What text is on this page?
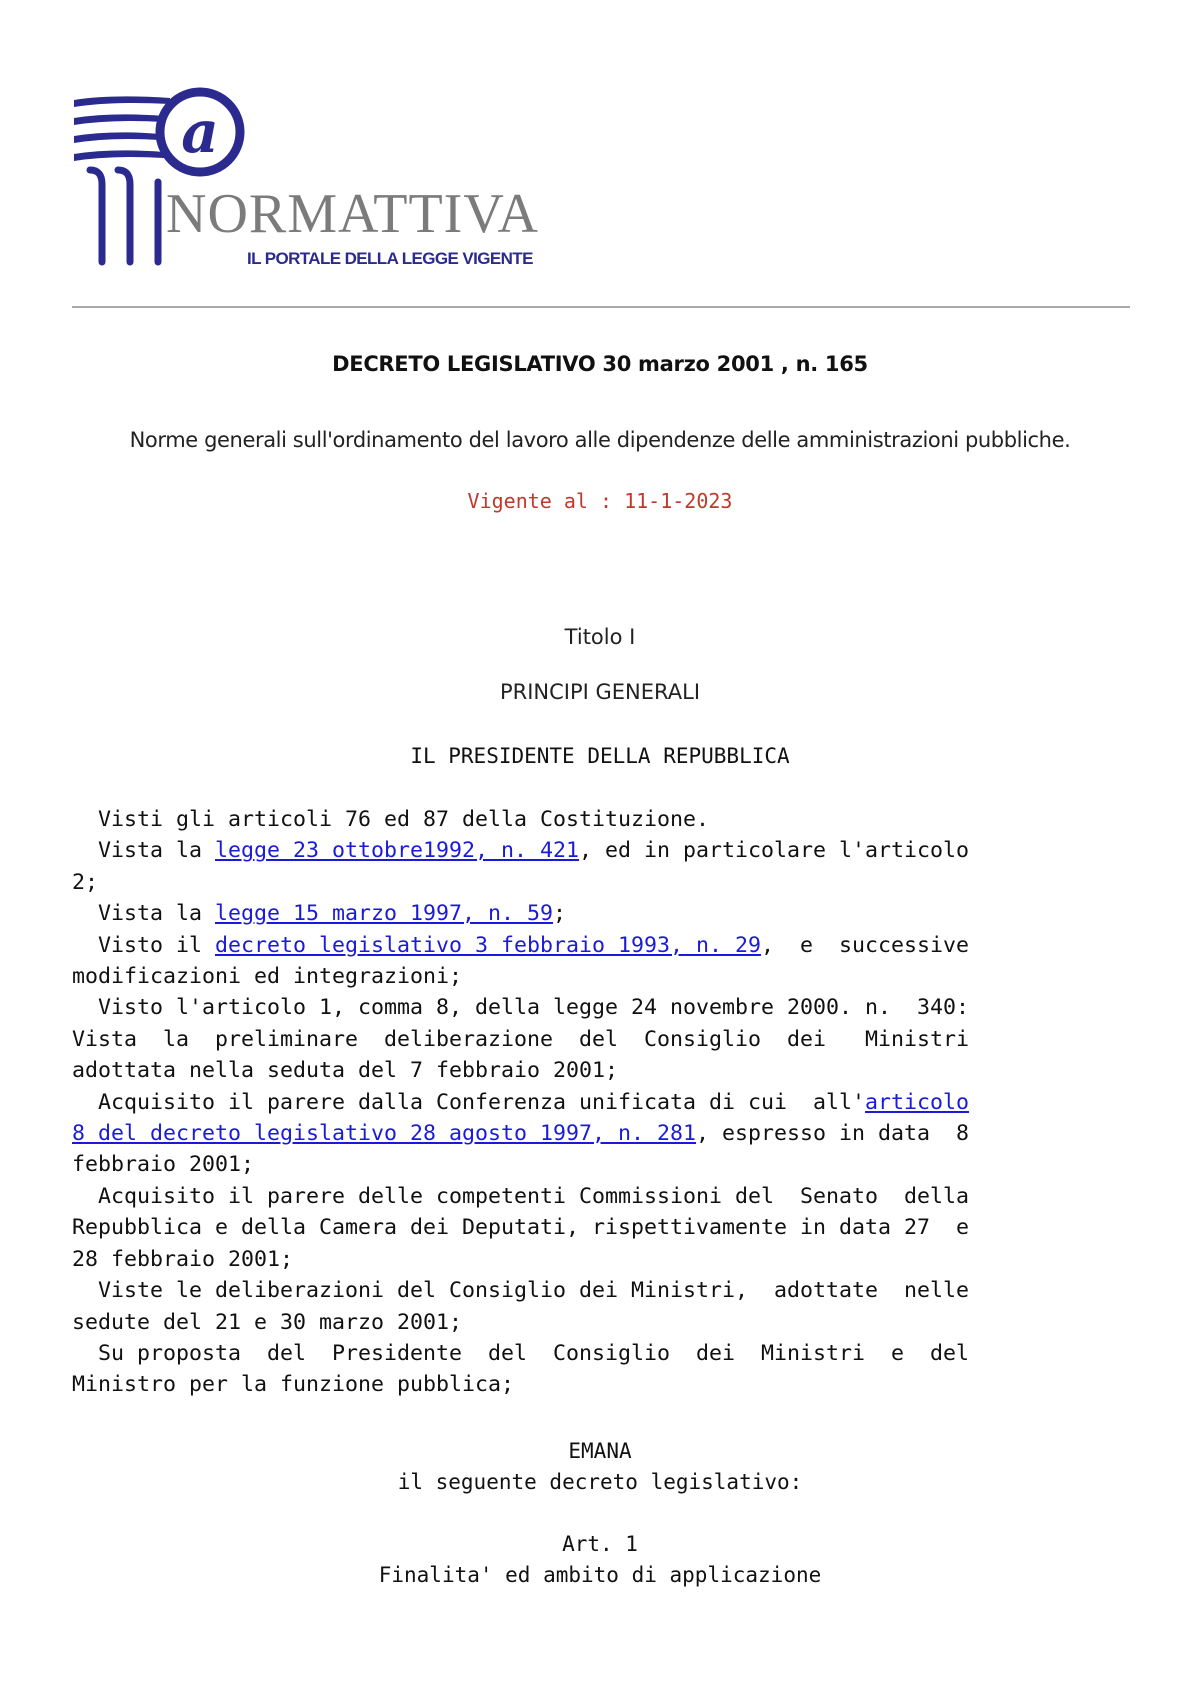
a
NORMATTIVA
IL PORTALE DELLA LEGGE VIGENTE
DECRETO LEGISLATIVO 30 marzo 2001 , n. 165
Norme generali sull'ordinamento del lavoro alle dipendenze delle amministrazioni pubbliche.
Vigente al : 11-1-2023
Titolo I
PRINCIPI GENERALI
IL PRESIDENTE DELLA REPUBBLICA
Visti gli articoli 76 ed 87 della Costituzione.
Vista la legge 23 ottobre1992, n. 421, ed in particolare l'articolo
2;
Vista la legge 15 marzo 1997, n. 59;
Visto il decreto legislativo 3 febbraio 1993, n. 29,  e  successive
modificazioni ed integrazioni;
Visto l'articolo 1, comma 8, della legge 24 novembre 2000. n.  340:
Vista  la  preliminare  deliberazione  del  Consiglio  dei   Ministri
adottata nella seduta del 7 febbraio 2001;
Acquisito il parere dalla Conferenza unificata di cui  all'articolo
8 del decreto legislativo 28 agosto 1997, n. 281, espresso in data  8
febbraio 2001;
Acquisito il parere delle competenti Commissioni del  Senato  della
Repubblica e della Camera dei Deputati, rispettivamente in data 27  e
28 febbraio 2001;
Viste le deliberazioni del Consiglio dei Ministri,  adottate  nelle
sedute del 21 e 30 marzo 2001;
Su proposta  del  Presidente  del  Consiglio  dei  Ministri  e  del
Ministro per la funzione pubblica;
EMANA
il seguente decreto legislativo:
Art. 1
Finalita' ed ambito di applicazione
